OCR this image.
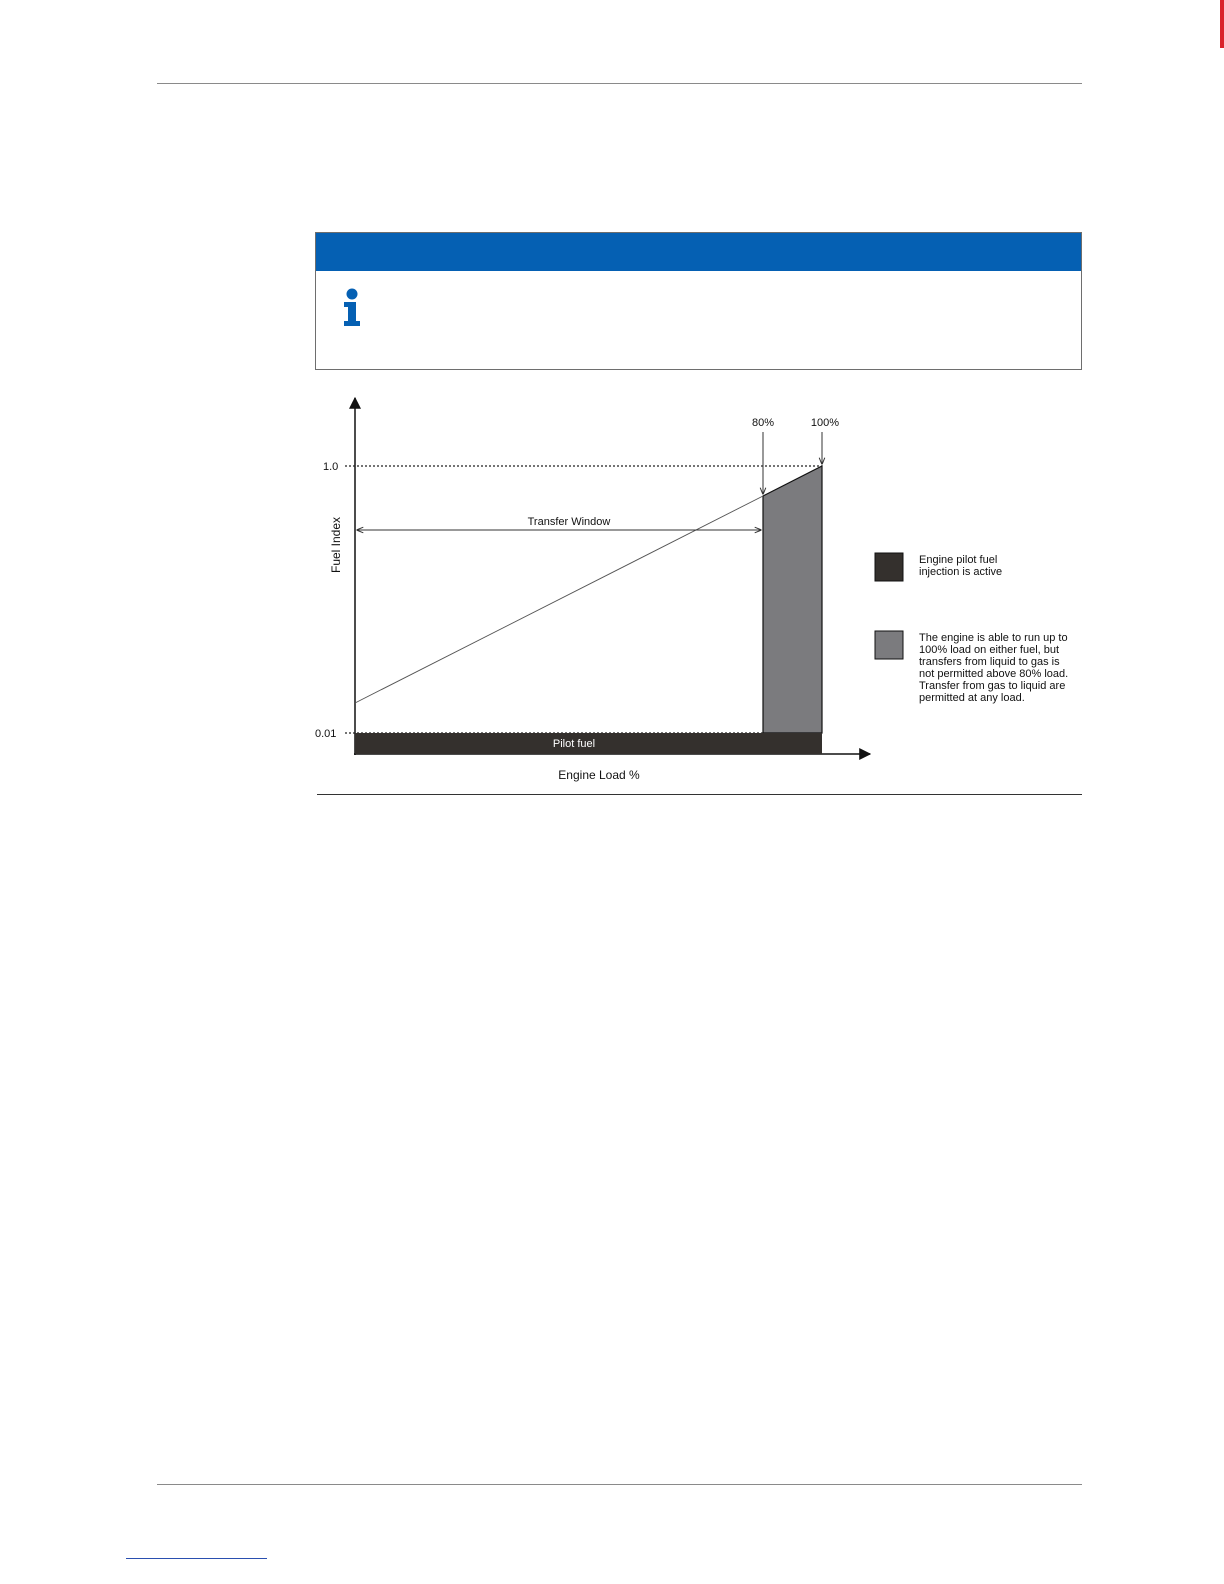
1.0
0.01
Pilot fuel
Transfer Window
80%	100%
Fuel Index
Engine Load %
Engine pilot fuel injection is active
The engine is able to run up to 100% load on either fuel, but transfers from liquid to gas is not permitted above 80% load. Transfer from gas to liquid are permitted at any load.
